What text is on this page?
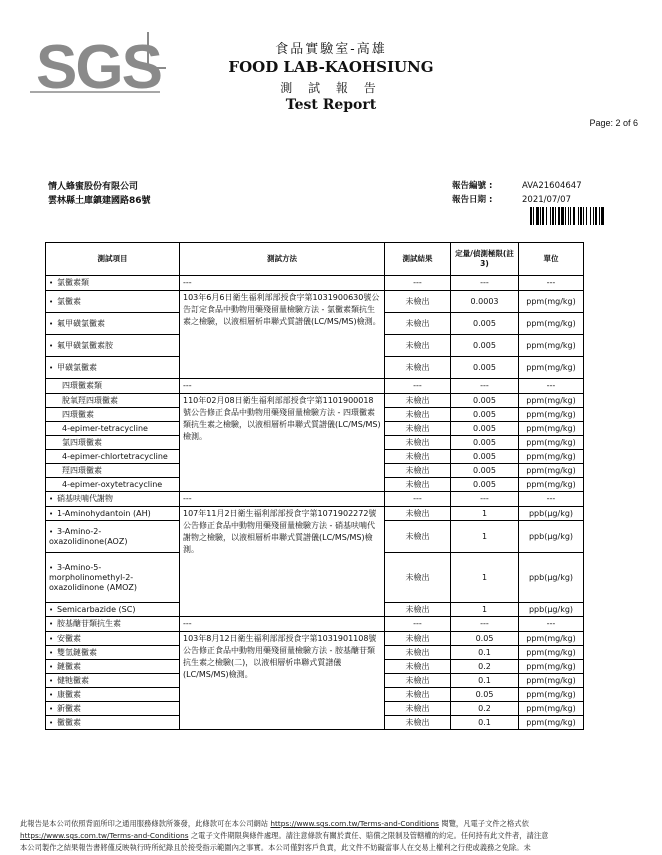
SGS	食品實驗室-高雄
FOOD LAB-KAOHSIUNG
測 試 報 告
Test Report
Page: 2 of 6
情人蜂蜜股份有限公司
雲林縣土庫鎮建國路86號
報告編號 :	AVA21604647
報告日期 :	2021/07/07
測試項目	測試方法	測試結果	定量/偵測極限(註3)	單位
• 氯黴素類	---	---	---	---
• 氯黴素	103年6月6日衛生福利部部授食字第1031900630號公告訂定食品中動物用藥殘留量檢驗方法 - 氯黴素類抗生素之檢驗，以液相層析串聯式質譜儀(LC/MS/MS)檢測。	未檢出	0.0003	ppm(mg/kg)
• 氟甲磺氯黴素		未檢出	0.005	ppm(mg/kg)
• 氟甲磺氯黴素胺		未檢出	0.005	ppm(mg/kg)
• 甲磺氯黴素		未檢出	0.005	ppm(mg/kg)
四環黴素類	---	---	---	---
脫氧羥四環黴素	110年02月08日衛生福利部部授食字第1101900018號公告修正食品中動物用藥殘留量檢驗方法 - 四環黴素類抗生素之檢驗，以液相層析串聯式質譜儀(LC/MS/MS)檢測。	未檢出	0.005	ppm(mg/kg)
四環黴素		未檢出	0.005	ppm(mg/kg)
4-epimer-tetracycline		未檢出	0.005	ppm(mg/kg)
氯四環黴素		未檢出	0.005	ppm(mg/kg)
4-epimer-chlortetracycline		未檢出	0.005	ppm(mg/kg)
羥四環黴素		未檢出	0.005	ppm(mg/kg)
4-epimer-oxytetracycline		未檢出	0.005	ppm(mg/kg)
• 硝基呋喃代謝物	---	---	---	---
• 1-Aminohydantoin (AH)	107年11月2日衛生福利部部授食字第1071902272號公告修正食品中動物用藥殘留量檢驗方法 - 硝基呋喃代謝物之檢驗，以液相層析串聯式質譜儀(LC/MS/MS)檢測。	未檢出	1	ppb(μg/kg)
• 3-Amino-2-oxazolidinone(AOZ)		未檢出	1	ppb(μg/kg)
• 3-Amino-5-morpholinomethyl-2-oxazolidinone (AMOZ)		未檢出	1	ppb(μg/kg)
• Semicarbazide (SC)		未檢出	1	ppb(μg/kg)
• 胺基醣苷類抗生素	---	---	---	---
• 安黴素	103年8月12日衛生福利部部授食字第1031901108號公告修正食品中動物用藥殘留量檢驗方法 - 胺基醣苷類抗生素之檢驗(二)，以液相層析串聯式質譜儀(LC/MS/MS)檢測。	未檢出	0.05	ppm(mg/kg)
• 雙氫鏈黴素		未檢出	0.1	ppm(mg/kg)
• 鏈黴素		未檢出	0.2	ppm(mg/kg)
• 健牠黴素		未檢出	0.1	ppm(mg/kg)
• 康黴素		未檢出	0.05	ppm(mg/kg)
• 新黴素		未檢出	0.2	ppm(mg/kg)
• 黴黴素		未檢出	0.1	ppm(mg/kg)
此報告是本公司依照背面所印之通用服務條款所簽發，此條款可在本公司網站 https://www.sgs.com.tw/Terms-and-Conditions 閱覽，凡電子文件之格式依
https://www.sgs.com.tw/Terms-and-Conditions 之電子文件期限與條件處理。請注意條款有關於責任、賠償之限制及管轄權的約定。任何持有此文件者，請注意
本公司製作之結果報告書將僅反映執行時所紀錄且於接受指示範圍內之事實。本公司僅對客戶負責，此文件不妨礙當事人在交易上權利之行使或義務之免除。未
